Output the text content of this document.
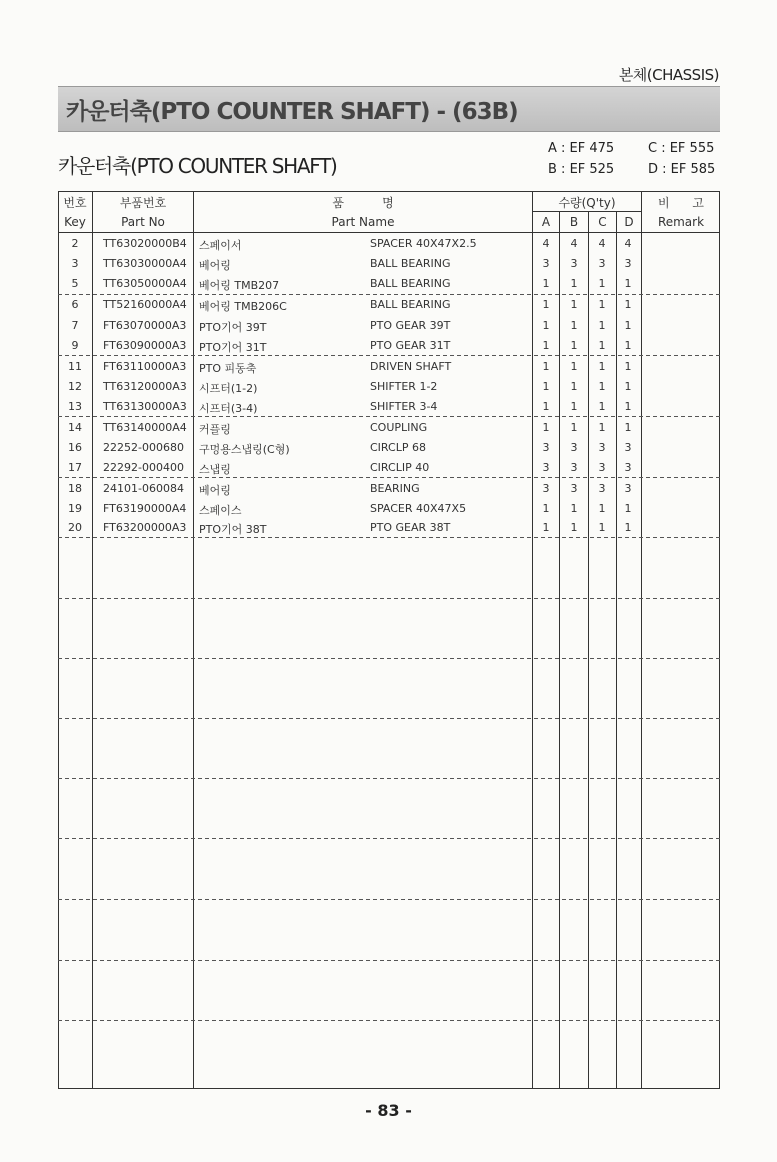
본체(CHASSIS)
카운터축(PTO COUNTER SHAFT) - (63B)
카운터축(PTO COUNTER SHAFT)
A : EF 475
B : EF 525
C : EF 555
D : EF 585
번호
Key
부품번호
Part No
품          명
Part Name
수량(Q'ty)
A	B	C	D
비      고
Remark
2	TT63020000B4 스페이서	SPACER 40X47X2.5	4	4	4	4
3	TT63030000A4 베어링	BALL BEARING	3	3	3	3
5	TT63050000A4 베어링 TMB207	BALL BEARING	1	1	1	1
6	TT52160000A4 베어링 TMB206C	BALL BEARING	1	1	1	1
7	FT63070000A3 PTO기어 39T	PTO GEAR 39T	1	1	1	1
9	FT63090000A3 PTO기어 31T	PTO GEAR 31T	1	1	1	1
11	FT63110000A3 PTO 피동축	DRIVEN SHAFT	1	1	1	1
12	TT63120000A3 시프터(1-2)	SHIFTER 1-2	1	1	1	1
13	TT63130000A3 시프터(3-4)	SHIFTER 3-4	1	1	1	1
14	TT63140000A4 커플링	COUPLING	1	1	1	1
16	22252-000680 구멍용스냅링(C형)	CIRCLP 68	3	3	3	3
17	22292-000400 스냅링	CIRCLIP 40	3	3	3	3
18	24101-060084 베어링	BEARING	3	3	3	3
19	FT63190000A4 스페이스	SPACER 40X47X5	1	1	1	1
20	FT63200000A3 PTO기어 38T	PTO GEAR 38T	1	1	1	1
- 83 -
